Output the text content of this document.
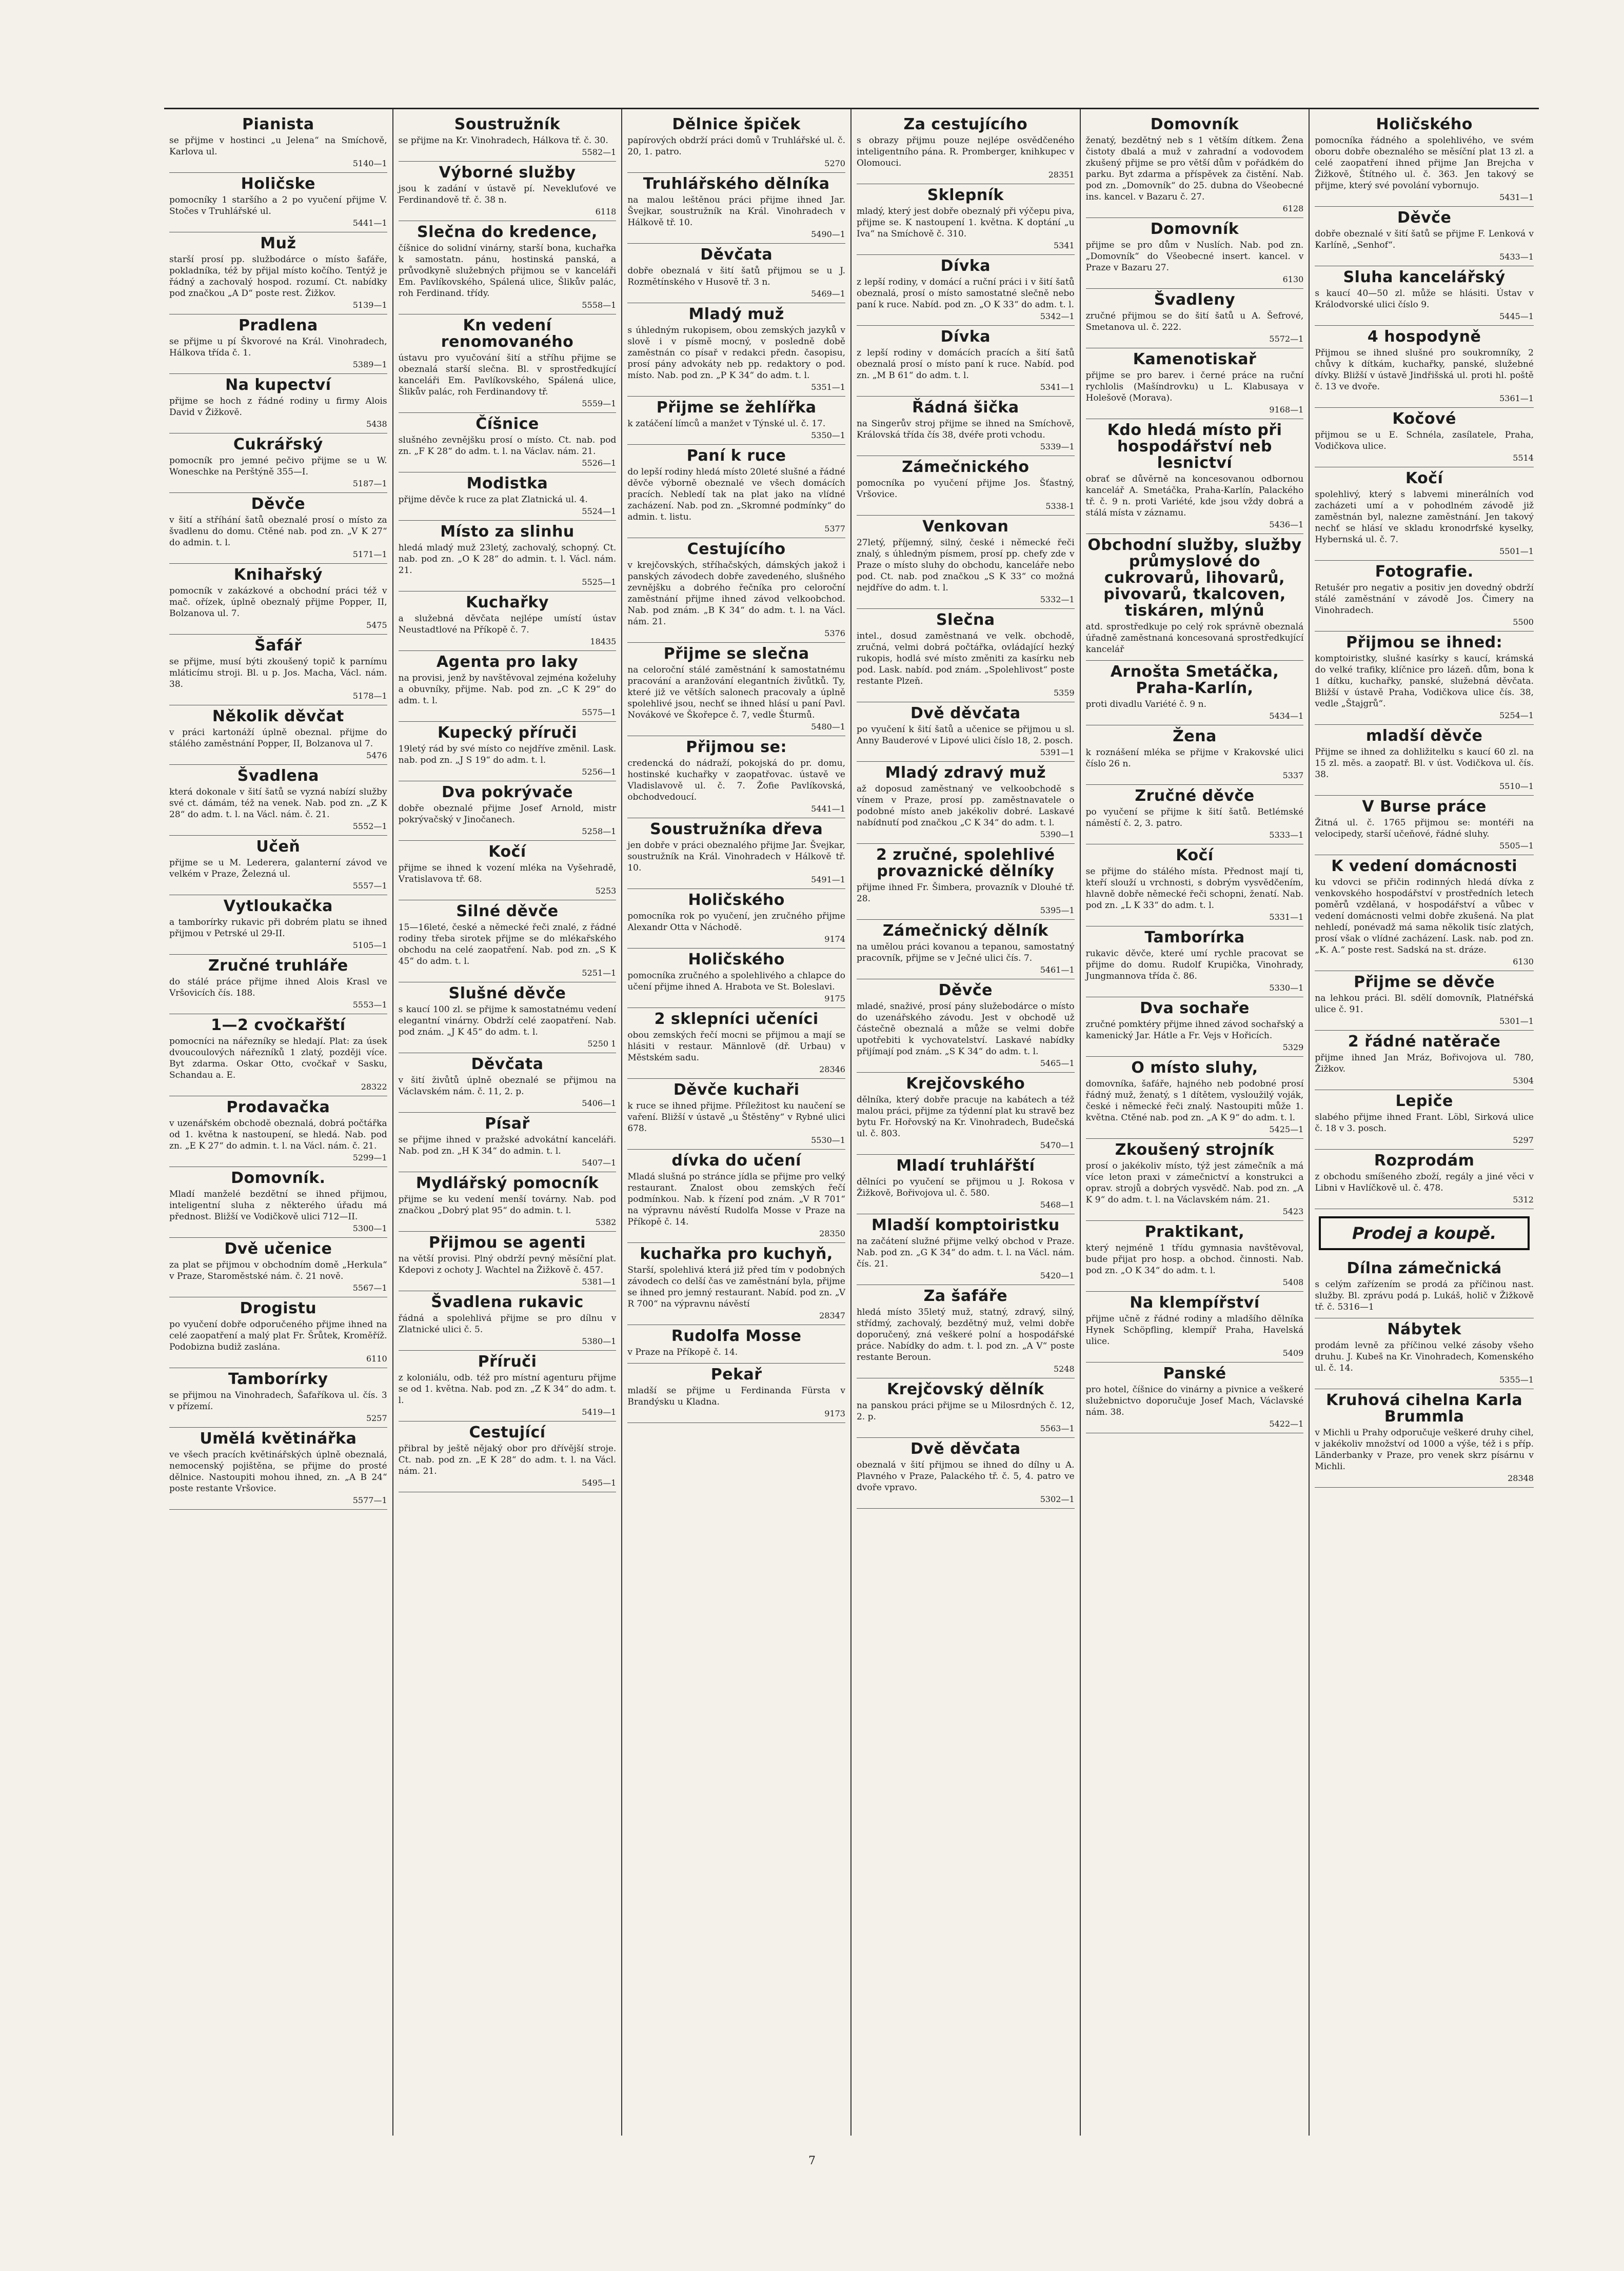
Pianista

se přijme v hostinci „u Jelena“ na Smíchově, Karlova ul.

5140—1
Holičske

pomocníky 1 staršího a 2 po vyučení přijme V. Stočes v Truhlářské ul.

5441—1
Muž

starší prosí pp. službodárce o místo šafáře, pokladníka, též by přijal místo kočího. Tentýž je řádný a zachovalý hospod. rozumí. Ct. nabídky pod značkou „A D“ poste rest. Žižkov.

5139—1
Pradlena

se přijme u pí Škvorové na Král. Vinohradech, Hálkova třída č. 1.

5389—1
Na kupectví

přijme se hoch z řádné rodiny u firmy Alois David v Žižkově.

5438
Cukrářský

pomocník pro jemné pečivo přijme se u W. Woneschke na Perštýně 355—I.

5187—1
Děvče

v šití a stříhání šatů obeznalé prosí o místo za švadlenu do domu. Ctěné nab. pod zn. „V K 27“ do admin. t. l.

5171—1
Knihařský

pomocník v zakázkové a obchodní práci též v mač. ořízek, úplně obeznalý přijme Popper, II, Bolzanova ul. 7.

5475
Šafář

se přijme, musí býti zkoušený topič k parnímu mláticímu stroji. Bl. u p. Jos. Macha, Václ. nám. 38.

5178—1
Několik děvčat

v práci kartonáží úplně obeznal. přijme do stálého zaměstnání Popper, II, Bolzanova ul 7.

5476
Švadlena

která dokonale v šití šatů se vyzná nabízí služby své ct. dámám, též na venek. Nab. pod zn. „Z K 28“ do adm. t. l. na Václ. nám. č. 21.

5552—1
Učeň

přijme se u M. Lederera, galanterní závod ve velkém v Praze, Železná ul.

5557—1
Vytloukačka

a tamborírky rukavic při dobrém platu se ihned přijmou v Petrské ul 29-II.

5105—1
Zručné truhláře

do stálé práce přijme ihned Alois Krasl ve Vršovicích čís. 188.

5553—1
1—2 cvočkařští

pomocníci na nářezníky se hledají. Plat: za úsek dvoucoulových nářezníků 1 zlatý, později více. Byt zdarma. Oskar Otto, cvočkař v Sasku, Schandau a. E.

28322
Prodavačka

v uzenářském obchodě obeznalá, dobrá počtářka od 1. května k nastoupení, se hledá. Nab. pod zn. „E K 27“ do admin. t. l. na Václ. nám. č. 21.

5299—1
Domovník.

Mladí manželé bezdětní se ihned přijmou, inteligentní sluha z některého úřadu má přednost. Bližší ve Vodičkově ulici 712—II.

5300—1
Dvě učenice

za plat se přijmou v obchodním domě „Herkula“ v Praze, Staroměstské nám. č. 21 nově.

5567—1
Drogistu

po vyučení dobře odporučeného přijme ihned na celé zaopatření a malý plat Fr. Šrůtek, Kroměříž. Podobizna budiž zaslána.

6110
Tamborírky

se přijmou na Vinohradech, Šafaříkova ul. čís. 3 v přízemí.

5257
Umělá květinářka

ve všech pracích květinářských úplně obeznalá, nemocenský pojištěna, se přijme do prosté dělnice. Nastoupiti mohou ihned, zn. „A B 24“ poste restante Vršovice.

5577—1
Soustružník

se přijme na Kr. Vinohradech, Hálkova tř. č. 30.

5582—1
Výborné služby

jsou k zadání v ústavě pí. Nevekluťové ve Ferdinandově tř. č. 38 n.

6118
Slečna do kredence,

číšnice do solidní vinárny, starší bona, kuchařka k samostatn. pánu, hostinská panská, a průvodkyně služebných přijmou se v kanceláři Em. Pavlíkovského, Spálená ulice, Šlikův palác, roh Ferdinand. třídy.

5558—1
Kn vedení renomovaného

ústavu pro vyučování šití a stříhu přijme se obeznalá starší slečna. Bl. v sprostředkující kanceláři Em. Pavlíkovského, Spálená ulice, Šlikův palác, roh Ferdinandovy tř.

5559—1
Číšnice

slušného zevnějšku prosí o místo. Ct. nab. pod zn. „F K 28“ do adm. t. l. na Václav. nám. 21.

5526—1
Modistka

přijme děvče k ruce za plat Zlatnická ul. 4.

5524—1
Místo za slinhu

hledá mladý muž 23letý, zachovalý, schopný. Ct. nab. pod zn. „O K 28“ do admin. t. l. Václ. nám. 21.

5525—1
Kuchařky

a služebná děvčata nejlépe umístí ústav Neustadtlové na Příkopě č. 7.

18435
Agenta pro laky

na provisi, jenž by navštěvoval zejména koželuhy a obuvníky, přijme. Nab. pod zn. „C K 29“ do adm. t. l.

5575—1
Kupecký příruči

19letý rád by své místo co nejdříve změnil. Lask. nab. pod zn. „J S 19“ do adm. t. l.

5256—1
Dva pokrývače

dobře obeznalé přijme Josef Arnold, mistr pokrývačský v Jinočanech.

5258—1
Kočí

přijme se ihned k vození mléka na Vyšehradě, Vratislavova tř. 68.

5253
Silné děvče

15—16leté, české a německé řeči znalé, z řádné rodiny třeba sirotek přijme se do mlékařského obchodu na celé zaopatření. Nab. pod zn. „S K 45“ do adm. t. l.

5251—1
Slušné děvče

s kaucí 100 zl. se přijme k samostatnému vedení elegantní vinárny. Obdrží celé zaopatření. Nab. pod znám. „J K 45“ do adm. t. l.

5250 1
Děvčata

v šití živůtů úplně obeznalé se přijmou na Václavském nám. č. 11, 2. p.

5406—1
Písař

se přijme ihned v pražské advokátní kanceláři. Nab. pod zn. „H K 34“ do admin. t. l.

5407—1
Mydlářský pomocník

přijme se ku vedení menší továrny. Nab. pod značkou „Dobrý plat 95“ do admin. t. l.

5382
Přijmou se agenti

na větší provisi. Plný obdrží pevný měsíční plat. Kdepovi z ochoty J. Wachtel na Žižkově č. 457.

5381—1
Švadlena rukavic

řádná a spolehlivá přijme se pro dílnu v Zlatnické ulici č. 5.

5380—1
Příruči

z koloniálu, odb. též pro místní agenturu přijme se od 1. května. Nab. pod zn. „Z K 34“ do adm. t. l.

5419—1
Cestující

přibral by ještě nějaký obor pro dřívější stroje. Ct. nab. pod zn. „E K 28“ do adm. t. l. na Václ. nám. 21.

5495—1
Dělnice špiček

papírových obdrží práci domů v Truhlářské ul. č. 20, 1. patro.

5270
Truhlářského dělníka

na malou leštěnou práci přijme ihned Jar. Švejkar, soustružník na Král. Vinohradech v Hálkově tř. 10.

5490—1
Děvčata

dobře obeznalá v šití šatů přijmou se u J. Rozmětínského v Husově tř. 3 n.

5469—1
Mladý muž

s úhledným rukopisem, obou zemských jazyků v slově i v písmě mocný, v posledně době zaměstnán co písař v redakci předn. časopisu, prosí pány advokáty neb pp. redaktory o pod. místo. Nab. pod zn. „P K 34“ do adm. t. l.

5351—1
Přijme se žehlířka

k zatáčení límců a manžet v Týnské ul. č. 17.

5350—1
Paní k ruce

do lepší rodiny hledá místo 20leté slušné a řádné děvče výborně obeznalé ve všech domácích pracích. Nebledí tak na plat jako na vlídné zacházení. Nab. pod zn. „Skromné podmínky“ do admin. t. listu.

5377
Cestujícího

v krejčovských, stříhačských, dámských jakož i panských závodech dobře zavedeného, slušného zevnějšku a dobrého řečníka pro celoroční zaměstnání přijme ihned závod velkoobchod. Nab. pod znám. „B K 34“ do adm. t. l. na Václ. nám. 21.

5376
Přijme se slečna

na celoroční stálé zaměstnání k samostatnému pracování a aranžování elegantních živůtků. Ty, které již ve větších salonech pracovaly a úplně spolehlivé jsou, nechť se ihned hlásí u paní Pavl. Novákové ve Škořepce č. 7, vedle Šturmů.

5480—1
Přijmou se:

credencká do nádraží, pokojská do pr. domu, hostinské kuchařky v zaopatřovac. ústavě ve Vladislavově ul. č. 7. Žofie Pavlíkovská, obchodvedoucí.

5441—1
Soustružníka dřeva

jen dobře v práci obeznalého přijme Jar. Švejkar, soustružník na Král. Vinohradech v Hálkově tř. 10.

5491—1
Holičského

pomocníka rok po vyučení, jen zručného přijme Alexandr Otta v Náchodě.

9174
Holičského

pomocníka zručného a spolehlivého a chlapce do učení přijme ihned A. Hrabota ve St. Boleslavi.

9175
2 sklepníci učeníci

obou zemských řečí mocni se přijmou a mají se hlásiti v restaur. Männlově (dř. Urbau) v Městském sadu.

28346
Děvče kuchaři

k ruce se ihned přijme. Příležitost ku naučení se vaření. Bližší v ústavě „u Štěstěny“ v Rybné ulici 678.

5530—1
dívka do učení

Mladá slušná po stránce jídla se přijme pro velký restaurant. Znalost obou zemských řečí podmínkou. Nab. k řízení pod znám. „V R 701“ na výpravnu návěstí Rudolfa Mosse v Praze na Příkopě č. 14.

28350
kuchařka pro kuchyň,

Starší, spolehlivá která již před tím v podobných závodech co delší čas ve zaměstnání byla, přijme se ihned pro jemný restaurant. Nabíd. pod zn. „V R 700“ na výpravnu návěstí

28347
Rudolfa Mosse

v Praze na Příkopě č. 14.

Pekař

mladší se přijme u Ferdinanda Fürsta v Brandýsku u Kladna.

9173
Za cestujícího

s obrazy přijmu pouze nejlépe osvědčeného inteligentního pána. R. Promberger, knihkupec v Olomouci.

28351
Sklepník

mladý, který jest dobře obeznalý při výčepu piva, přijme se. K nastoupení 1. května. K doptání „u Iva“ na Smíchově č. 310.

5341
Dívka

z lepší rodiny, v domácí a ruční práci i v šití šatů obeznalá, prosí o místo samostatné slečně nebo paní k ruce. Nabíd. pod zn. „O K 33“ do adm. t. l.

5342—1
Dívka

z lepší rodiny v domácích pracích a šití šatů obeznalá prosí o místo paní k ruce. Nabíd. pod zn. „M B 61“ do adm. t. l.

5341—1
Řádná šička

na Singerův stroj přijme se ihned na Smíchově, Královská třída čís 38, dvéře proti vchodu.

5339—1
Zámečnického

pomocníka po vyučení přijme Jos. Šťastný, Vršovice.

5338-1
Venkovan

27letý, příjemný, silný, české i německé řeči znalý, s úhledným písmem, prosí pp. chefy zde v Praze o místo sluhy do obchodu, kanceláře nebo pod. Ct. nab. pod značkou „S K 33“ co možná nejdříve do adm. t. l.

5332—1
Slečna

intel., dosud zaměstnaná ve velk. obchodě, zručná, velmi dobrá počtářka, ovládající hezký rukopis, hodlá své místo změniti za kasírku neb pod. Lask. nabíd. pod znám. „Spolehlivost“ poste restante Plzeň.

5359
Dvě děvčata

po vyučení k šití šatů a učenice se přijmou u sl. Anny Bauderové v Lipové ulici číslo 18, 2. posch.

5391—1
Mladý zdravý muž

až doposud zaměstnaný ve velkoobchodě s vínem v Praze, prosí pp. zaměstnavatele o podobné místo aneb jakékoliv dobré. Laskavé nabídnutí pod značkou „C K 34“ do adm. t. l.

5390—1
2 zručné, spolehlivé provaznické dělníky

přijme ihned Fr. Šimbera, provazník v Dlouhé tř. 28.

5395—1
Zámečnický dělník

na umělou práci kovanou a tepanou, samostatný pracovník, přijme se v Ječné ulici čís. 7.

5461—1
Děvče

mladé, snaživé, prosí pány služebodárce o místo do uzenářského závodu. Jest v obchodě už částečně obeznalá a může se velmi dobře upotřebiti k vychovatelství. Laskavé nabídky přijímají pod znám. „S K 34“ do adm. t. l.

5465—1
Krejčovského

dělníka, který dobře pracuje na kabátech a též malou práci, přijme za týdenní plat ku stravě bez bytu Fr. Hořovský na Kr. Vinohradech, Budečská ul. č. 803.

5470—1
Mladí truhlářští

dělníci po vyučení se přijmou u J. Rokosa v Žižkově, Bořivojova ul. č. 580.

5468—1
Mladší komptoiristku

na začátení služné přijme velký obchod v Praze. Nab. pod zn. „G K 34“ do adm. t. l. na Václ. nám. čís. 21.

5420—1
Za šafáře

hledá místo 35letý muž, statný, zdravý, silný, střídmý, zachovalý, bezdětný muž, velmi dobře doporučený, zná veškeré polní a hospodářské práce. Nabídky do adm. t. l. pod zn. „A V“ poste restante Beroun.

5248
Krejčovský dělník

na panskou práci přijme se u Milosrdných č. 12, 2. p.

5563—1
Dvě děvčata

obeznalá v šití přijmou se ihned do dílny u A. Plavného v Praze, Palackého tř. č. 5, 4. patro ve dvoře vpravo.

5302—1
Domovník

ženatý, bezdětný neb s 1 větším dítkem. Žena čistoty dbalá a muž v zahradní a vodovodem zkušený přijme se pro větší dům v pořádkém do parku. Byt zdarma a příspěvek za čistění. Nab. pod zn. „Domovník“ do 25. dubna do Všeobecné ins. kancel. v Bazaru č. 27.

6128
Domovník

přijme se pro dům v Nuslích. Nab. pod zn. „Domovník“ do Všeobecné insert. kancel. v Praze v Bazaru 27.

6130
Švadleny

zručné přijmou se do šití šatů u A. Šefrové, Smetanova ul. č. 222.

5572—1
Kamenotiskař

přijme se pro barev. i černé práce na ruční rychlolis (Mašíndrovku) u L. Klabusaya v Holešově (Morava).

9168—1
Kdo hledá místo při hospodářství neb lesnictví

obrať se důvěrně na koncesovanou odbornou kancelář A. Smetáčka, Praha-Karlín, Palackého tř. č. 9 n. proti Variété, kde jsou vždy dobrá a stálá místa v záznamu.

5436—1
Obchodní služby, služby průmyslové do cukrovarů, lihovarů, pivovarů, tkalcoven, tiskáren, mlýnů

atd. sprostředkuje po celý rok správně obeznalá úřadně zaměstnaná koncesovaná sprostředkující kancelář

Arnošta Smetáčka, Praha-Karlín,

proti divadlu Variété č. 9 n.

5434—1
Žena

k roznášení mléka se přijme v Krakovské ulici číslo 26 n.

5337
Zručné děvče

po vyučení se přijme k šití šatů. Betlémské náměstí č. 2, 3. patro.

5333—1
Kočí

se přijme do stálého místa. Přednost mají ti, kteří slouží u vrchnosti, s dobrým vysvědčením, hlavně dobře německé řeči schopni, ženatí. Nab. pod zn. „L K 33“ do adm. t. l.

5331—1
Tamborírka

rukavic děvče, které umí rychle pracovat se přijme do domu. Rudolf Krupička, Vinohrady, Jungmannova třída č. 86.

5330—1
Dva sochaře

zručné pomktéry přijme ihned závod sochařský a kamenický Jar. Hátle a Fr. Vejs v Hořicích.

5329
O místo sluhy,

domovníka, šafáře, hajného neb podobné prosí řádný muž, ženatý, s 1 dítětem, vysloužilý voják, české i německé řeči znalý. Nastoupiti může 1. května. Ctěné nab. pod zn. „A K 9“ do adm. t. l.

5425—1
Zkoušený strojník

prosí o jakékoliv místo, týž jest zámečník a má více leton praxi v zámečnictví a konstrukci a oprav. strojů a dobrých vysvědč. Nab. pod zn. „A K 9“ do adm. t. l. na Václavském nám. 21.

5423
Praktikant,

který nejméně 1 třídu gymnasia navštěvoval, bude přijat pro hosp. a obchod. činnosti. Nab. pod zn. „O K 34“ do adm. t. l.

5408
Na klempířství

přijme učně z řádné rodiny a mladšího dělníka Hynek Schöpfling, klempíř Praha, Havelská ulice.

5409
Panské

pro hotel, číšnice do vinárny a pivnice a veškeré služebnictvo doporučuje Josef Mach, Václavské nám. 38.

5422—1
Holičského

pomocníka řádného a spolehlivého, ve svém oboru dobře obeznalého se měsíční plat 13 zl. a celé zaopatření ihned přijme Jan Brejcha v Žižkově, Štítného ul. č. 363. Jen takový se přijme, který své povolání vybornujo.

5431—1
Děvče

dobře obeznalé v šití šatů se přijme F. Lenková v Karlíně, „Senhof“.

5433—1
Sluha kancelářský

s kaucí 40—50 zl. může se hlásiti. Ústav v Králodvorské ulici číslo 9.

5445—1
4 hospodyně

Přijmou se ihned slušné pro soukromníky, 2 chůvy k dítkám, kuchařky, panské, služebné dívky. Bližší v ústavě Jindřišská ul. proti hl. poště č. 13 ve dvoře.

5361—1
Kočové

přijmou se u E. Schnéla, zasílatele, Praha, Vodičkova ulice.

5514
Kočí

spolehlivý, který s labvemi minerálních vod zacházeti umí a v pohodlném závodě již zaměstnán byl, nalezne zaměstnání. Jen takový nechť se hlásí ve skladu kronodrfské kyselky, Hybernská ul. č. 7.

5501—1
Fotografie.

Retušér pro negativ a positiv jen dovedný obdrží stálé zaměstnání v závodě Jos. Čimery na Vinohradech.

5500
Přijmou se ihned:

komptoiristky, slušné kasírky s kaucí, krámská do velké trafiky, klíčnice pro lázeň. dům, bona k 1 dítku, kuchařky, panské, služebná děvčata. Bližší v ústavě Praha, Vodičkova ulice čís. 38, vedle „Štajgrů“.

5254—1
mladší děvče

Přijme se ihned za dohližitelku s kaucí 60 zl. na 15 zl. měs. a zaopatř. Bl. v úst. Vodičkova ul. čís. 38.

5510—1
V Burse práce

Žitná ul. č. 1765 přijmou se: montéři na velocipedy, starší učeňové, řádné sluhy.

5505—1
K vedení domácnosti

ku vdovci se přičin rodinných hledá dívka z venkovského hospodářství v prostředních letech poměrů vzdělaná, v hospodářství a vůbec v vedení domácnosti velmi dobře zkušená. Na plat nehledí, ponévadž má sama několik tisíc zlatých, prosí však o vlídné zacházení. Lask. nab. pod zn. „K. A.“ poste rest. Sadská na st. dráze.

6130
Přijme se děvče

na lehkou práci. Bl. sdělí domovník, Platnéřská ulice č. 91.

5301—1
2 řádné natěrače

přijme ihned Jan Mráz, Bořivojova ul. 780, Žižkov.

5304
Lepiče

slabého přijme ihned Frant. Löbl, Sirková ulice č. 18 v 3. posch.

5297
Rozprodám

z obchodu smíšeného zboží, regály a jiné věci v Libni v Havlíčkově ul. č. 478.

5312
Prodej a koupě.
Dílna zámečnická

s celým zařízením se prodá za příčinou nast. služby. Bl. zprávu podá p. Lukáš, holič v Žižkově tř. č. 5316—1

Nábytek

prodám levně za příčinou velké zásoby všeho druhu. J. Kubeš na Kr. Vinohradech, Komenského ul. č. 14.

5355—1
Kruhová cihelna Karla Brummla

v Michli u Prahy odporučuje veškeré druhy cihel, v jakékoliv množství od 1000 a výše, též i s příp. Länderbanky v Praze, pro venek skrz písárnu v Michli.

28348
7
